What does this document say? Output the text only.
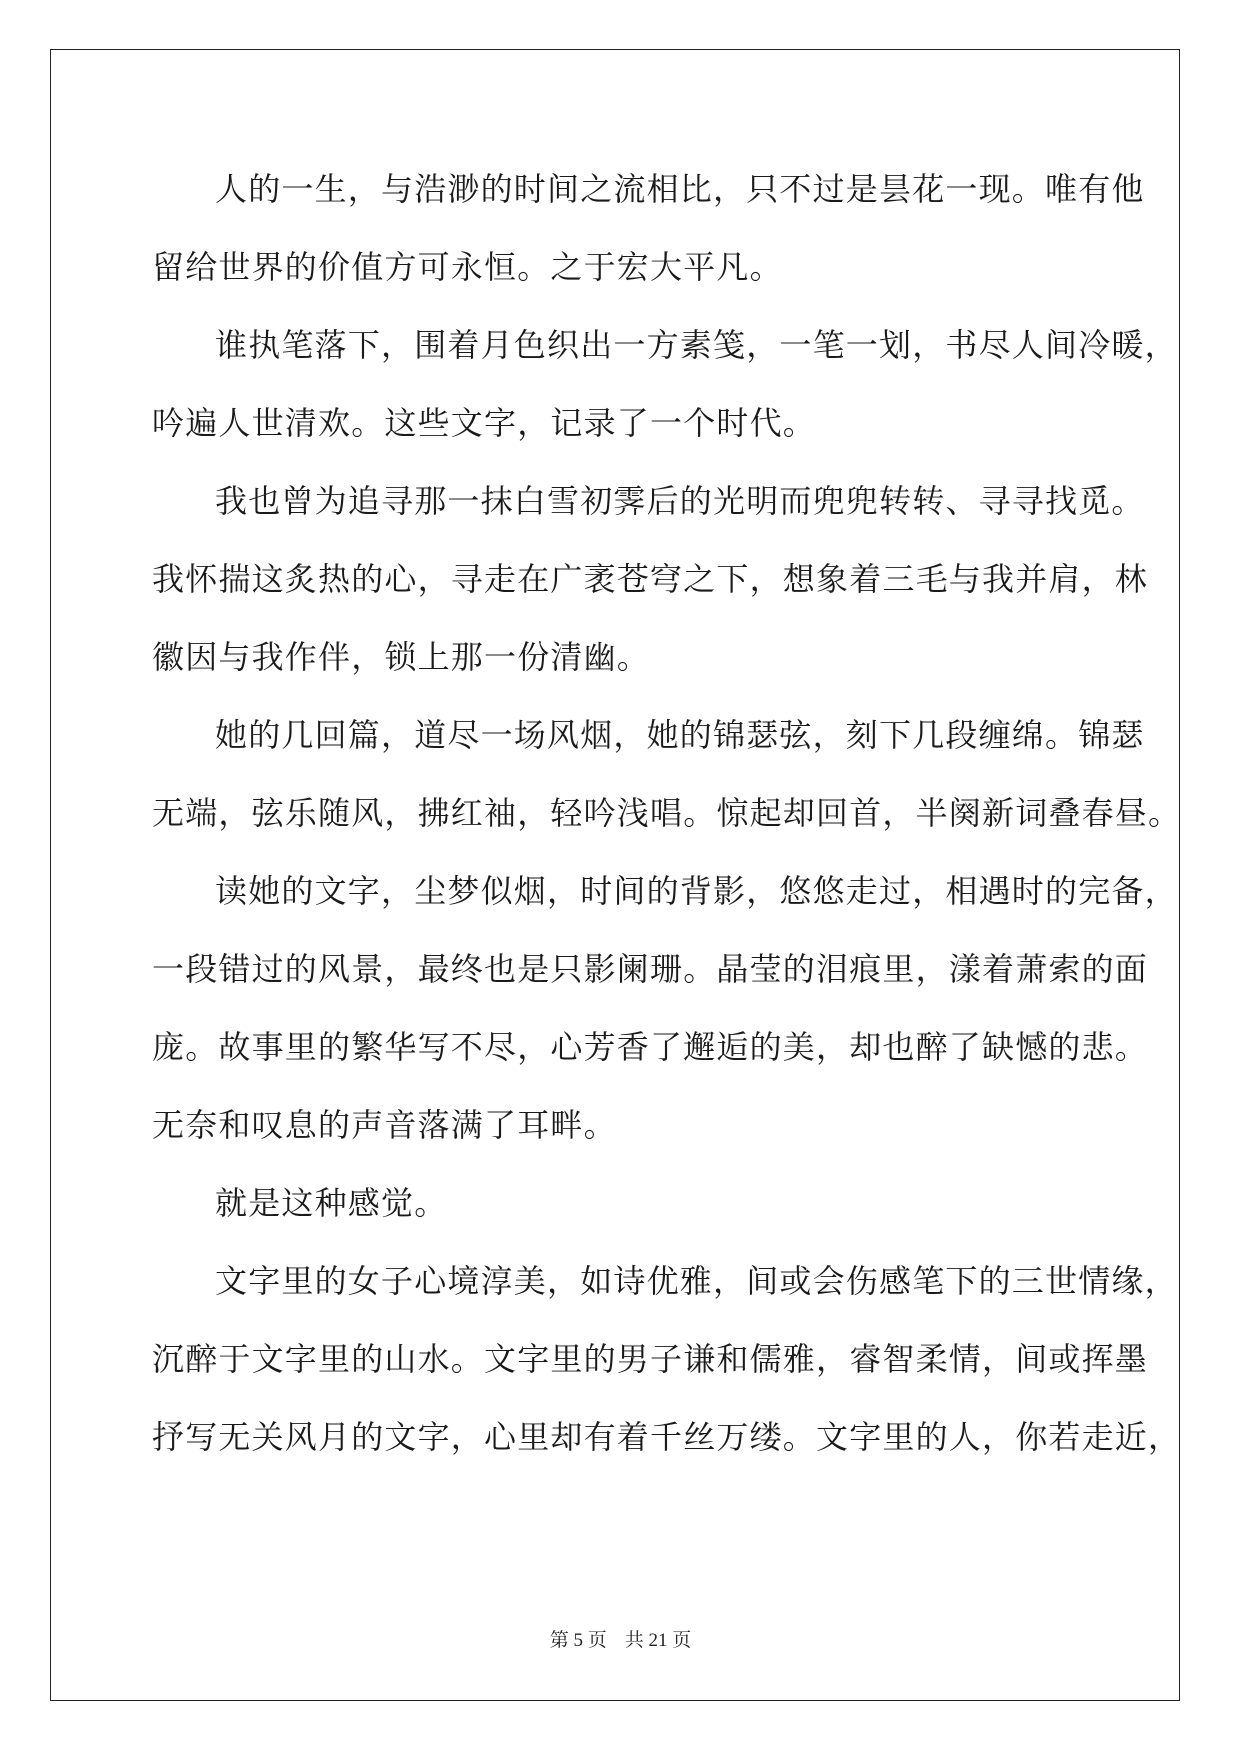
人的一生，与浩渺的时间之流相比，只不过是昙花一现。唯有他
留给世界的价值方可永恒。之于宏大平凡。
谁执笔落下，围着月色织出一方素笺，一笔一划，书尽人间冷暖，
吟遍人世清欢。这些文字，记录了一个时代。
我也曾为追寻那一抹白雪初霁后的光明而兜兜转转、寻寻找觅。
我怀揣这炙热的心，寻走在广袤苍穹之下，想象着三毛与我并肩，林
徽因与我作伴，锁上那一份清幽。
她的几回篇，道尽一场风烟，她的锦瑟弦，刻下几段缠绵。锦瑟
无端，弦乐随风，拂红袖，轻吟浅唱。惊起却回首，半阕新词叠春昼。
读她的文字，尘梦似烟，时间的背影，悠悠走过，相遇时的完备，
一段错过的风景，最终也是只影阑珊。晶莹的泪痕里，漾着萧索的面
庞。故事里的繁华写不尽，心芳香了邂逅的美，却也醉了缺憾的悲。
无奈和叹息的声音落满了耳畔。
就是这种感觉。
文字里的女子心境淳美，如诗优雅，间或会伤感笔下的三世情缘，
沉醉于文字里的山水。文字里的男子谦和儒雅，睿智柔情，间或挥墨
抒写无关风月的文字，心里却有着千丝万缕。文字里的人，你若走近，
第 5 页 共 21 页
